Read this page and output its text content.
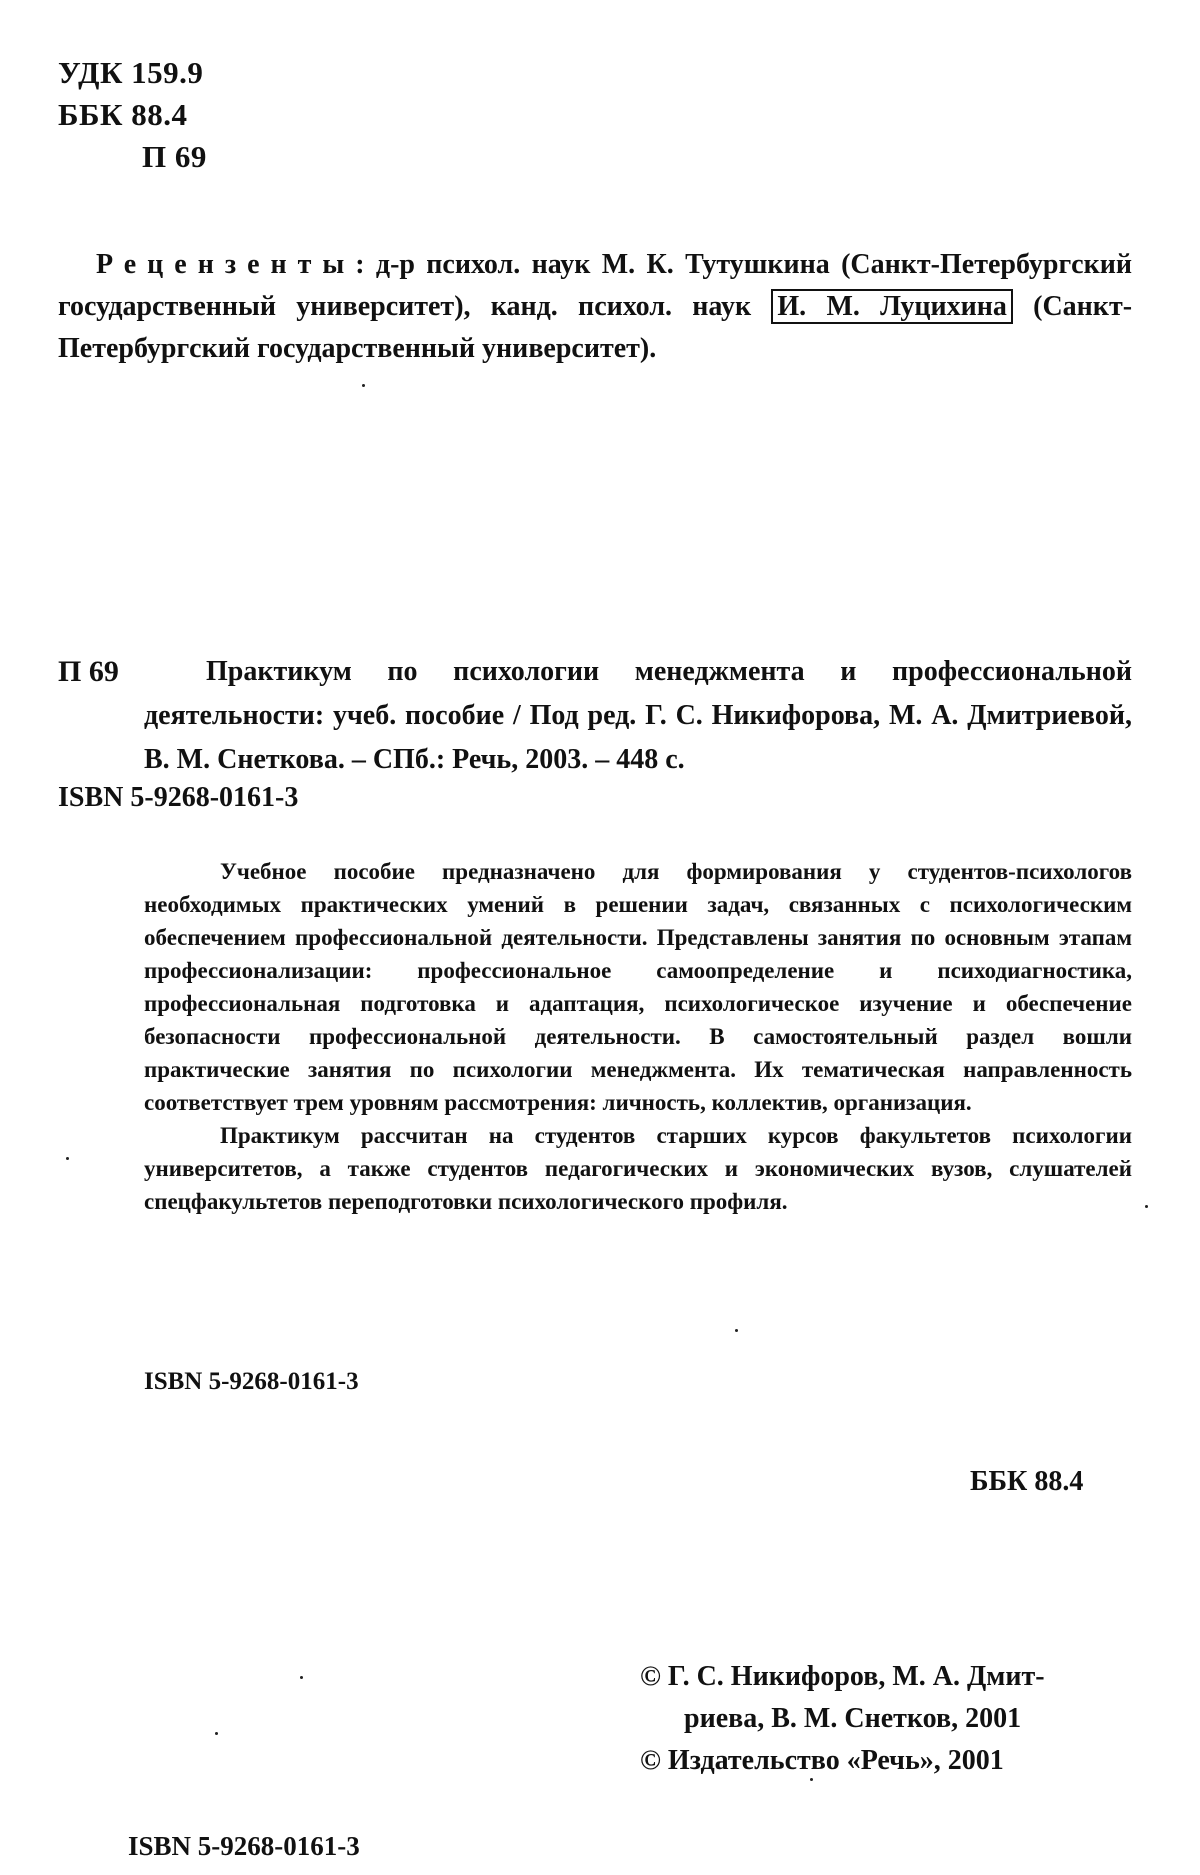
УДК 159.9
ББК 88.4
П 69
Рецензенты: д-р психол. наук М. К. Тутушкина (Санкт-Петербургский государственный университет), канд. психол. наук И. М. Луцихина (Санкт-Петербургский государственный университет).
П 69	Практикум по психологии менеджмента и профессиональной деятельности: учеб. пособие / Под ред. Г. С. Никифорова, М. А. Дмитриевой, В. М. Снеткова. – СПб.: Речь, 2003. – 448 с.

ISBN 5-9268-0161-3

Учебное пособие предназначено для формирования у студентов-психологов необходимых практических умений в решении задач, связанных с психологическим обеспечением профессиональной деятельности. Представлены занятия по основным этапам профессионализации: профессиональное самоопределение и психодиагностика, профессиональная подготовка и адаптация, психологическое изучение и обеспечение безопасности профессиональной деятельности. В самостоятельный раздел вошли практические занятия по психологии менеджмента. Их тематическая направленность соответствует трем уровням рассмотрения: личность, коллектив, организация.

Практикум рассчитан на студентов старших курсов факультетов психологии университетов, а также студентов педагогических и экономических вузов, слушателей спецфакультетов переподготовки психологического профиля.

ISBN 5-9268-0161-3
ББК 88.4
© Г. С. Никифоров, М. А. Дмит-
риева, В. М. Снетков, 2001
© Издательство «Речь», 2001
ISBN 5-9268-0161-3
